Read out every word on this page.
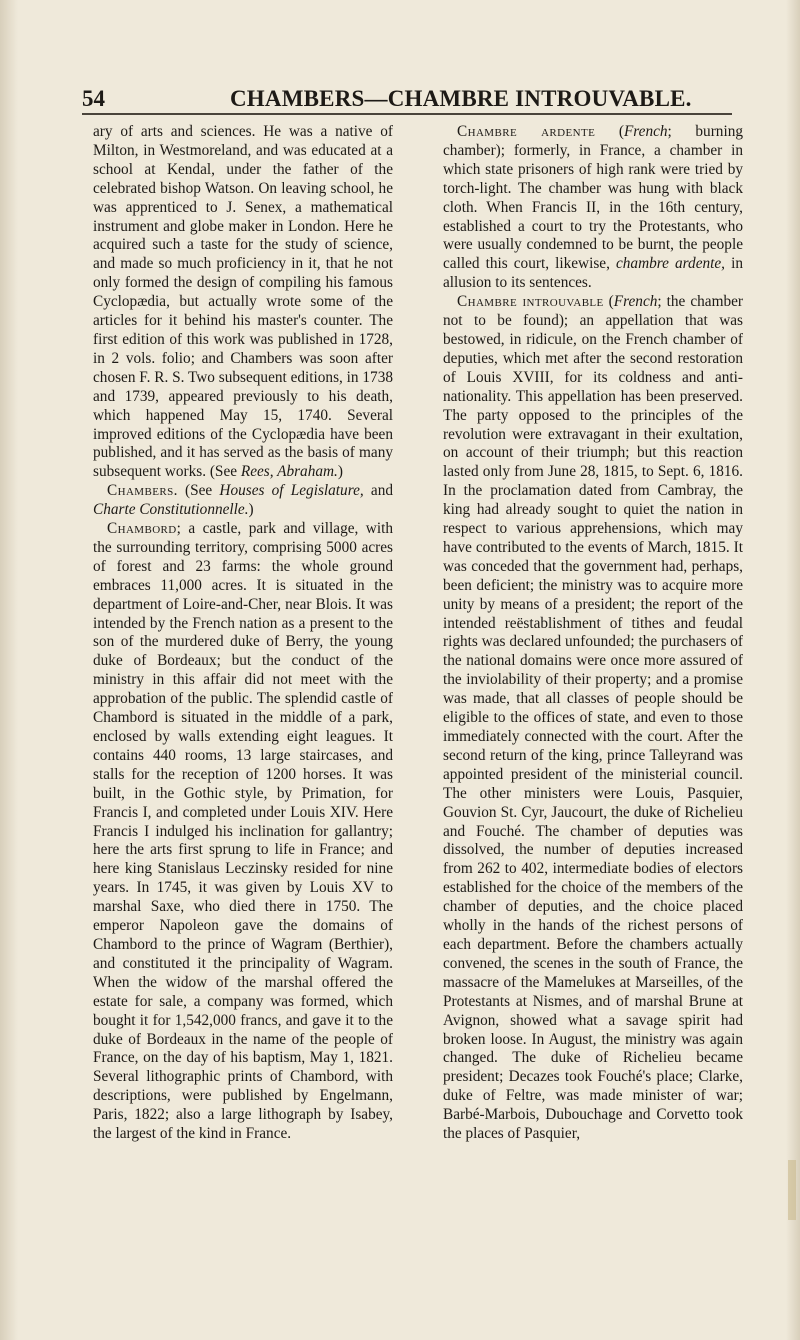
54	CHAMBERS—CHAMBRE INTROUVABLE.

ary of arts and sciences. He was a native of Milton, in Westmoreland, and was educated at a school at Kendal, under the father of the celebrated bishop Watson. On leaving school, he was apprenticed to J. Senex, a mathematical instrument and globe maker in London. Here he acquired such a taste for the study of science, and made so much proficiency in it, that he not only formed the design of compiling his famous Cyclopædia, but actually wrote some of the articles for it behind his master's counter. The first edition of this work was published in 1728, in 2 vols. folio; and Chambers was soon after chosen F. R. S. Two subsequent editions, in 1738 and 1739, appeared previously to his death, which happened May 15, 1740. Several improved editions of the Cyclopædia have been published, and it has served as the basis of many subsequent works. (See Rees, Abraham.)

Chambers. (See Houses of Legislature, and Charte Constitutionnelle.)

Chambord; a castle, park and village, with the surrounding territory, comprising 5000 acres of forest and 23 farms: the whole ground embraces 11,000 acres. It is situated in the department of Loire-and-Cher, near Blois. It was intended by the French nation as a present to the son of the murdered duke of Berry, the young duke of Bordeaux; but the conduct of the ministry in this affair did not meet with the approbation of the public. The splendid castle of Chambord is situated in the middle of a park, enclosed by walls extending eight leagues. It contains 440 rooms, 13 large staircases, and stalls for the reception of 1200 horses. It was built, in the Gothic style, by Primation, for Francis I, and completed under Louis XIV. Here Francis I indulged his inclination for gallantry; here the arts first sprung to life in France; and here king Stanislaus Leczinsky resided for nine years. In 1745, it was given by Louis XV to marshal Saxe, who died there in 1750. The emperor Napoleon gave the domains of Chambord to the prince of Wagram (Berthier), and constituted it the principality of Wagram. When the widow of the marshal offered the estate for sale, a company was formed, which bought it for 1,542,000 francs, and gave it to the duke of Bordeaux in the name of the people of France, on the day of his baptism, May 1, 1821. Several lithographic prints of Chambord, with descriptions, were published by Engelmann, Paris, 1822; also a large lithograph by Isabey, the largest of the kind in France.

Chambre ardente (French; burning chamber); formerly, in France, a chamber in which state prisoners of high rank were tried by torch-light. The chamber was hung with black cloth. When Francis II, in the 16th century, established a court to try the Protestants, who were usually condemned to be burnt, the people called this court, likewise, chambre ardente, in allusion to its sentences.

Chambre introuvable (French; the chamber not to be found); an appellation that was bestowed, in ridicule, on the French chamber of deputies, which met after the second restoration of Louis XVIII, for its coldness and anti-nationality. This appellation has been preserved. The party opposed to the principles of the revolution were extravagant in their exultation, on account of their triumph; but this reaction lasted only from June 28, 1815, to Sept. 6, 1816. In the proclamation dated from Cambray, the king had already sought to quiet the nation in respect to various apprehensions, which may have contributed to the events of March, 1815. It was conceded that the government had, perhaps, been deficient; the ministry was to acquire more unity by means of a president; the report of the intended reëstablishment of tithes and feudal rights was declared unfounded; the purchasers of the national domains were once more assured of the inviolability of their property; and a promise was made, that all classes of people should be eligible to the offices of state, and even to those immediately connected with the court. After the second return of the king, prince Talleyrand was appointed president of the ministerial council. The other ministers were Louis, Pasquier, Gouvion St. Cyr, Jaucourt, the duke of Richelieu and Fouché. The chamber of deputies was dissolved, the number of deputies increased from 262 to 402, intermediate bodies of electors established for the choice of the members of the chamber of deputies, and the choice placed wholly in the hands of the richest persons of each department. Before the chambers actually convened, the scenes in the south of France, the massacre of the Mamelukes at Marseilles, of the Protestants at Nismes, and of marshal Brune at Avignon, showed what a savage spirit had broken loose. In August, the ministry was again changed. The duke of Richelieu became president; Decazes took Fouché's place; Clarke, duke of Feltre, was made minister of war; Barbé-Marbois, Dubouchage and Corvetto took the places of Pasquier,
